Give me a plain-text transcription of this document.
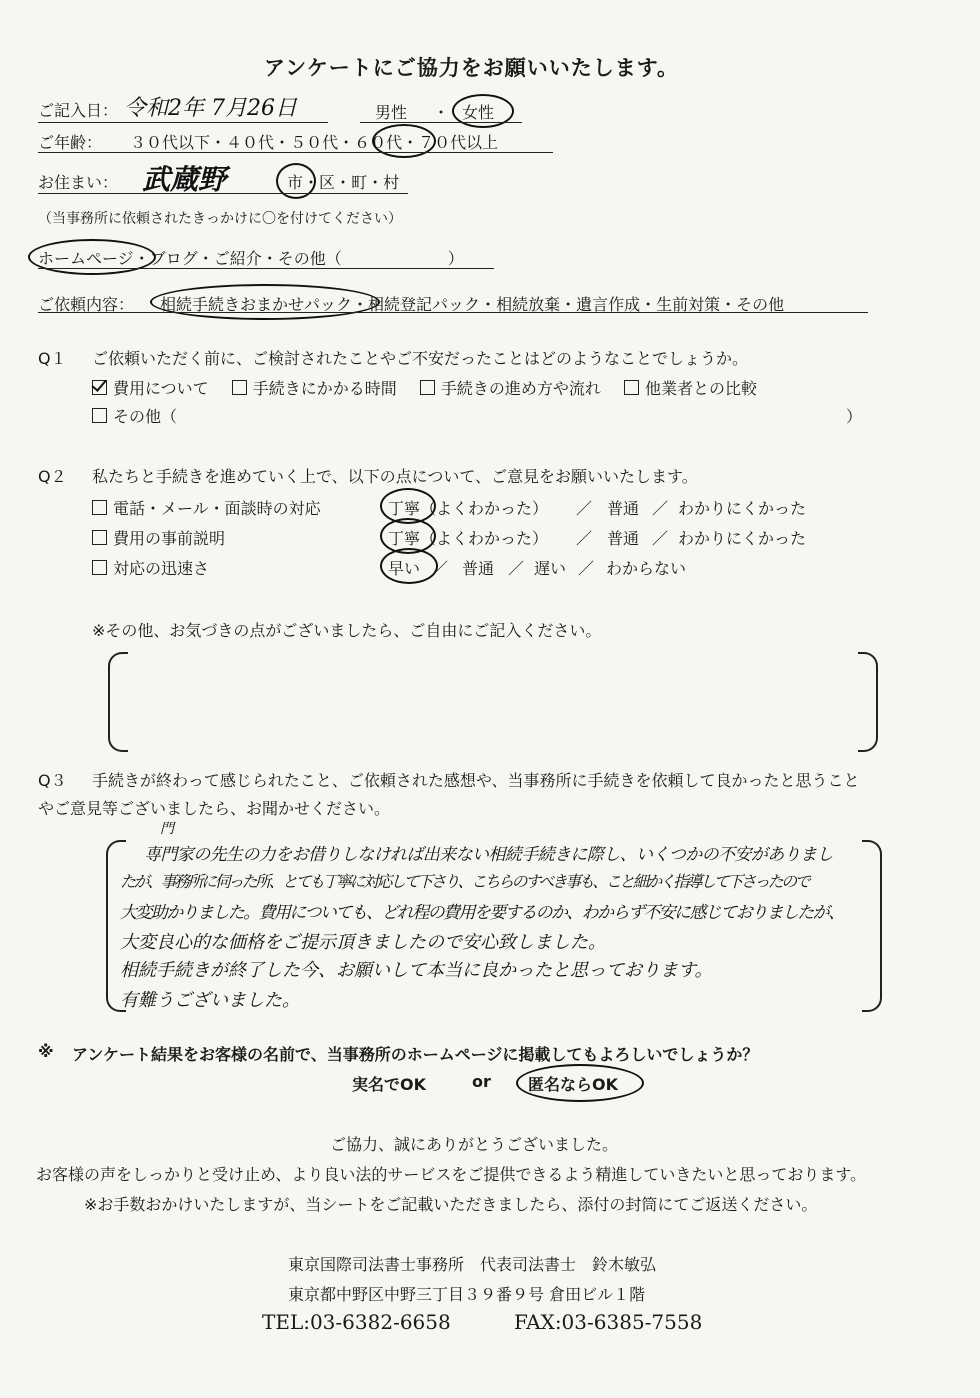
アンケートにご協力をお願いいたします。
ご記入日： 令和2年 7月26日	男性 ・ 女性
ご年齢： ３０代以下・４０代・５０代・６０代・７０代以上
お住まい： 武蔵野	市・区・町・村
（当事務所に依頼されたきっかけに〇を付けてください）
ホームページ・ブログ・ご紹介・その他（	）
ご依頼内容： 相続手続きおまかせパック・相続登記パック・相続放棄・遺言作成・生前対策・その他
Q１ ご依頼いただく前に、ご検討されたことやご不安だったことはどのようなことでしょうか。
費用について	手続きにかかる時間	手続きの進め方や流れ	他業者との比較
その他（	）
Q２ 私たちと手続きを進めていく上で、以下の点について、ご意見をお願いいたします。
電話・メール・面談時の対応	丁寧（よくわかった） ／ 普通 ／ わかりにくかった
費用の事前説明	丁寧（よくわかった） ／ 普通 ／ わかりにくかった
対応の迅速さ	早い ／ 普通 ／ 遅い ／ わからない
※その他、お気づきの点がございましたら、ご自由にご記入ください。
Q３ 手続きが終わって感じられたこと、ご依頼された感想や、当事務所に手続きを依頼して良かったと思うこと
やご意見等ございましたら、お聞かせください。
門
専門家の先生の力をお借りしなければ出来ない相続手続きに際し、いくつかの不安がありまし
たが、事務所に伺った所、とても丁寧に対応して下さり、こちらのすべき事も、こと細かく指導して下さったので
大変助かりました。費用についても、どれ程の費用を要するのか、わからず不安に感じておりましたが、
大変良心的な価格をご提示頂きましたので安心致しました。
相続手続きが終了した今、お願いして本当に良かったと思っております。
有難うございました。
※ アンケート結果をお客様の名前で、当事務所のホームページに掲載してもよろしいでしょうか？
実名でOK	or 匿名ならOK
ご協力、誠にありがとうございました。
お客様の声をしっかりと受け止め、より良い法的サービスをご提供できるよう精進していきたいと思っております。
※お手数おかけいたしますが、当シートをご記載いただきましたら、添付の封筒にてご返送ください。
東京国際司法書士事務所　代表司法書士　鈴木敏弘
東京都中野区中野三丁目３９番９号 倉田ビル１階
TEL:03-6382-6658	FAX:03-6385-7558
